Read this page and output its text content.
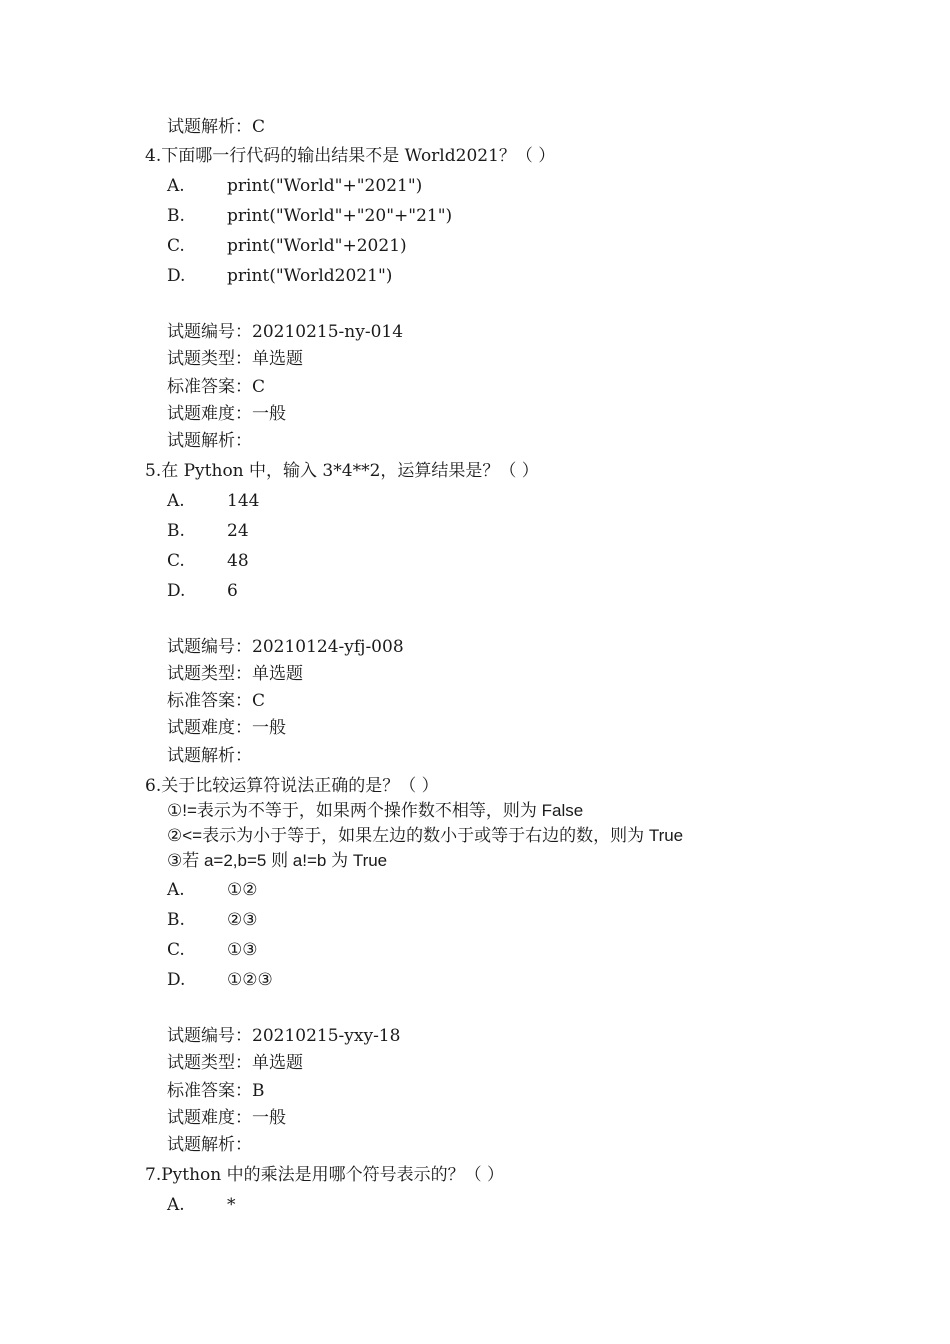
试题解析：C
4.下面哪一行代码的输出结果不是 World2021？（ ）
A. print("World"+"2021")
B. print("World"+"20"+"21")
C. print("World"+2021)
D. print("World2021")
试题编号：20210215-ny-014
试题类型：单选题
标准答案：C
试题难度：一般
试题解析：
5.在 Python 中，输入 3*4**2，运算结果是？（ ）
A. 144
B. 24
C. 48
D. 6
试题编号：20210124-yfj-008
试题类型：单选题
标准答案：C
试题难度：一般
试题解析：
6.关于比较运算符说法正确的是？（ ）
①!=表示为不等于，如果两个操作数不相等，则为 False
②<=表示为小于等于，如果左边的数小于或等于右边的数，则为 True
③若 a=2,b=5 则 a!=b 为 True
A. ①②
B. ②③
C. ①③
D. ①②③
试题编号：20210215-yxy-18
试题类型：单选题
标准答案：B
试题难度：一般
试题解析：
7.Python 中的乘法是用哪个符号表示的？（ ）
A. *
